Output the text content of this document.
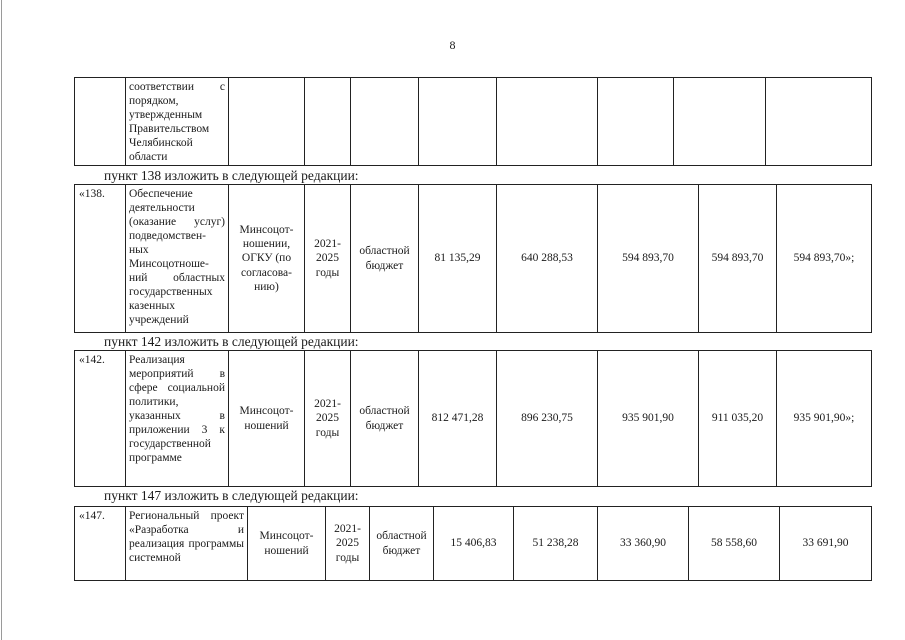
8
	соответствии с порядком, утвержденным Правительством Челябинской области								
пункт 138 изложить в следующей редакции:
«138.	Обеспечение деятельности (оказание услуг) подведомствен- ных Минсоцотноше- ний областных государственных казенных учреждений	Минсоцот- ношении, ОГКУ (по согласова- нию)	2021- 2025 годы	областной бюджет	81 135,29	640 288,53	594 893,70	594 893,70	594 893,70»;
пункт 142 изложить в следующей редакции:
«142.	Реализация мероприятий в сфере социальной политики, указанных в приложении 3 к государственной программе	Минсоцот- ношений	2021- 2025 годы	областной бюджет	812 471,28	896 230,75	935 901,90	911 035,20	935 901,90»;
пункт 147 изложить в следующей редакции:
«147.	Региональный проект «Разработка и реализация программы системной	Минсоцот- ношений	2021- 2025 годы	областной бюджет	15 406,83	51 238,28	33 360,90	58 558,60	33 691,90
